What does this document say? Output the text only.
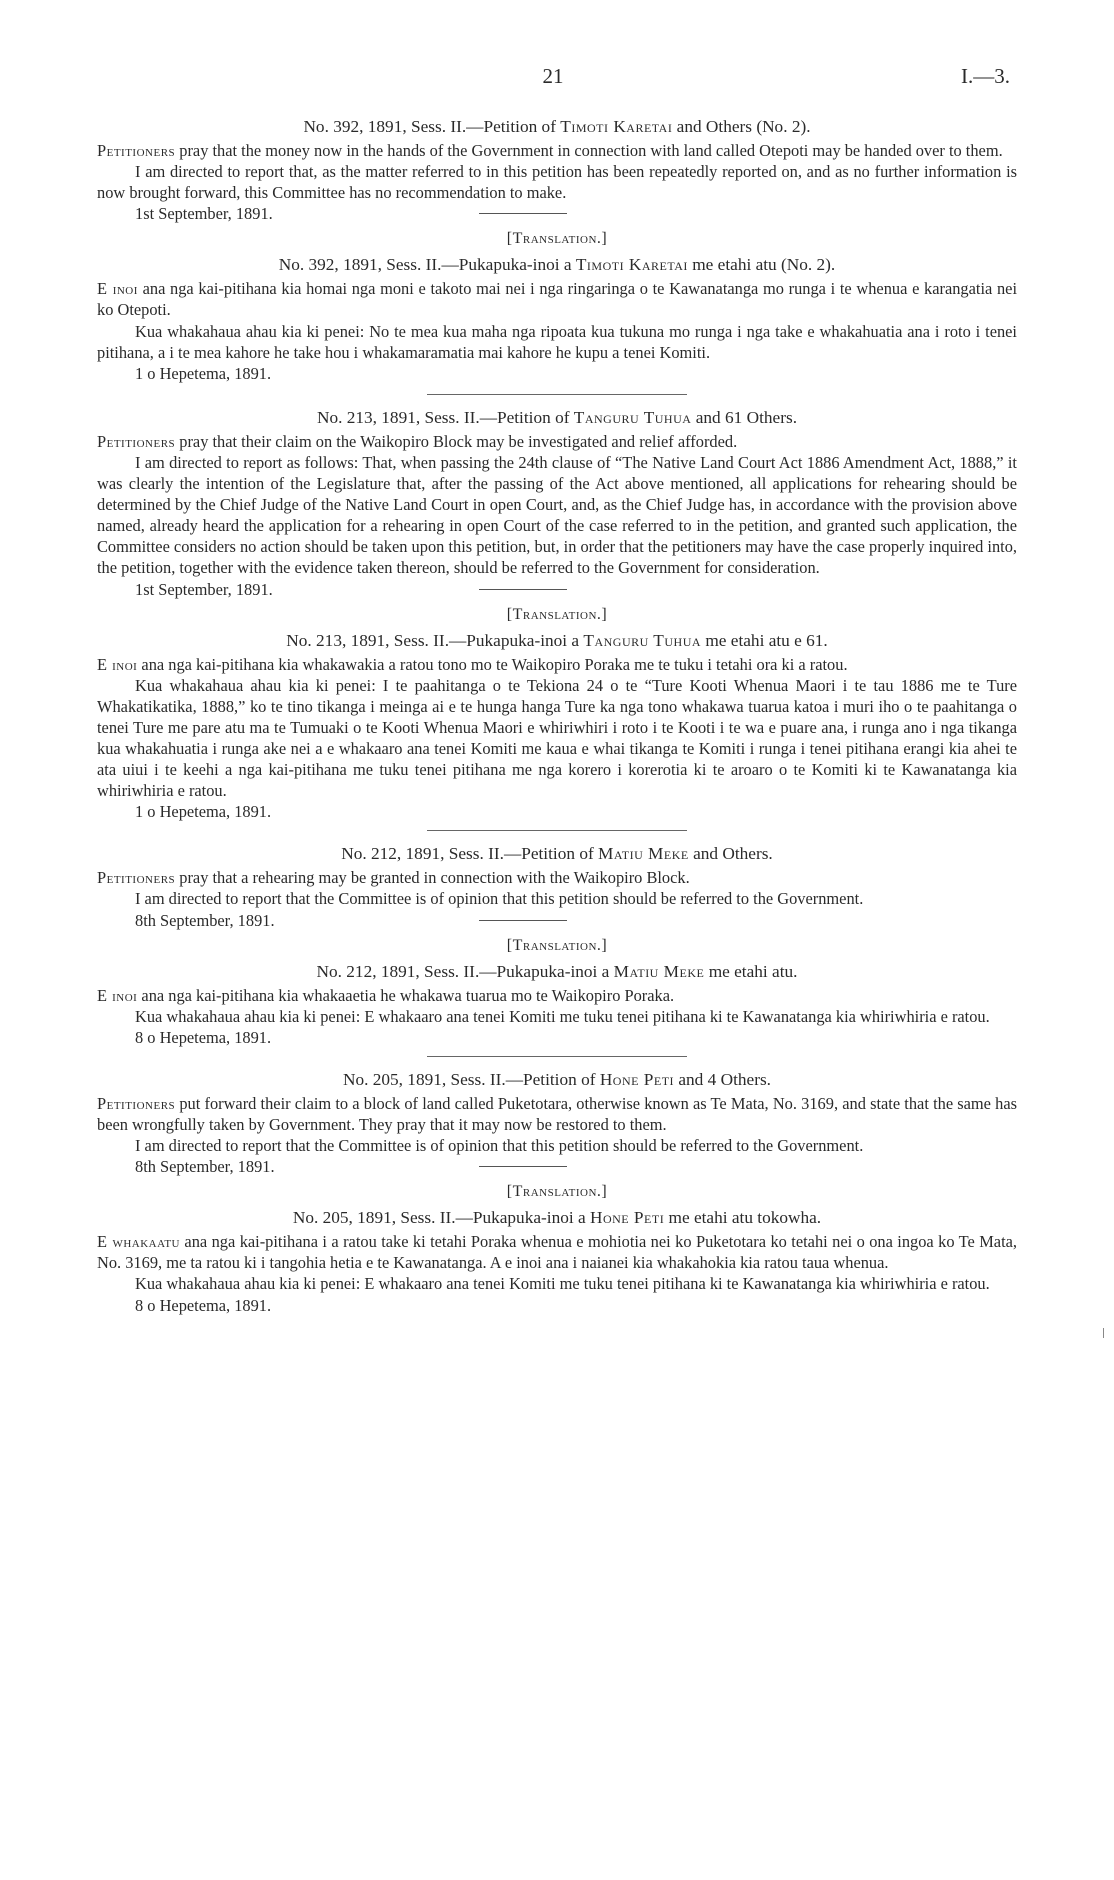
21	I.—3.

No. 392, 1891, Sess. II.—Petition of Timoti Karetai and Others (No. 2).

Petitioners pray that the money now in the hands of the Government in connection with land called Otepoti may be handed over to them.

I am directed to report that, as the matter referred to in this petition has been repeatedly reported on, and as no further information is now brought forward, this Committee has no recommendation to make.

1st September, 1891.

[Translation.]

No. 392, 1891, Sess. II.—Pukapuka-inoi a Timoti Karetai me etahi atu (No. 2).

E inoi ana nga kai-pitihana kia homai nga moni e takoto mai nei i nga ringaringa o te Kawanatanga mo runga i te whenua e karangatia nei ko Otepoti.

Kua whakahaua ahau kia ki penei: No te mea kua maha nga ripoata kua tukuna mo runga i nga take e whakahuatia ana i roto i tenei pitihana, a i te mea kahore he take hou i whakamaramatia mai kahore he kupu a tenei Komiti.

1 o Hepetema, 1891.

No. 213, 1891, Sess. II.—Petition of Tanguru Tuhua and 61 Others.

Petitioners pray that their claim on the Waikopiro Block may be investigated and relief afforded.

I am directed to report as follows: That, when passing the 24th clause of “The Native Land Court Act 1886 Amendment Act, 1888,” it was clearly the intention of the Legislature that, after the passing of the Act above mentioned, all applications for rehearing should be determined by the Chief Judge of the Native Land Court in open Court, and, as the Chief Judge has, in accordance with the provision above named, already heard the application for a rehearing in open Court of the case referred to in the petition, and granted such application, the Committee considers no action should be taken upon this petition, but, in order that the petitioners may have the case properly inquired into, the petition, together with the evidence taken thereon, should be referred to the Government for consideration.

1st September, 1891.

[Translation.]

No. 213, 1891, Sess. II.—Pukapuka-inoi a Tanguru Tuhua me etahi atu e 61.

E inoi ana nga kai-pitihana kia whakawakia a ratou tono mo te Waikopiro Poraka me te tuku i tetahi ora ki a ratou.

Kua whakahaua ahau kia ki penei: I te paahitanga o te Tekiona 24 o te “Ture Kooti Whenua Maori i te tau 1886 me te Ture Whakatikatika, 1888,” ko te tino tikanga i meinga ai e te hunga hanga Ture ka nga tono whakawa tuarua katoa i muri iho o te paahitanga o tenei Ture me pare atu ma te Tumuaki o te Kooti Whenua Maori e whiriwhiri i roto i te Kooti i te wa e puare ana, i runga ano i nga tikanga kua whakahuatia i runga ake nei a e whakaaro ana tenei Komiti me kaua e whai tikanga te Komiti i runga i tenei pitihana erangi kia ahei te ata uiui i te keehi a nga kai-pitihana me tuku tenei pitihana me nga korero i korerotia ki te aroaro o te Komiti ki te Kawanatanga kia whiriwhiria e ratou.

1 o Hepetema, 1891.

No. 212, 1891, Sess. II.—Petition of Matiu Meke and Others.

Petitioners pray that a rehearing may be granted in connection with the Waikopiro Block.

I am directed to report that the Committee is of opinion that this petition should be referred to the Government.

8th September, 1891.

[Translation.]

No. 212, 1891, Sess. II.—Pukapuka-inoi a Matiu Meke me etahi atu.

E inoi ana nga kai-pitihana kia whakaaetia he whakawa tuarua mo te Waikopiro Poraka.

Kua whakahaua ahau kia ki penei: E whakaaro ana tenei Komiti me tuku tenei pitihana ki te Kawanatanga kia whiriwhiria e ratou.

8 o Hepetema, 1891.

No. 205, 1891, Sess. II.—Petition of Hone Peti and 4 Others.

Petitioners put forward their claim to a block of land called Puketotara, otherwise known as Te Mata, No. 3169, and state that the same has been wrongfully taken by Government. They pray that it may now be restored to them.

I am directed to report that the Committee is of opinion that this petition should be referred to the Government.

8th September, 1891.

[Translation.]

No. 205, 1891, Sess. II.—Pukapuka-inoi a Hone Peti me etahi atu tokowha.

E whakaatu ana nga kai-pitihana i a ratou take ki tetahi Poraka whenua e mohiotia nei ko Puketotara ko tetahi nei o ona ingoa ko Te Mata, No. 3169, me ta ratou ki i tangohia hetia e te Kawanatanga. A e inoi ana i naianei kia whakahokia kia ratou taua whenua.

Kua whakahaua ahau kia ki penei: E whakaaro ana tenei Komiti me tuku tenei pitihana ki te Kawanatanga kia whiriwhiria e ratou.

8 o Hepetema, 1891.
